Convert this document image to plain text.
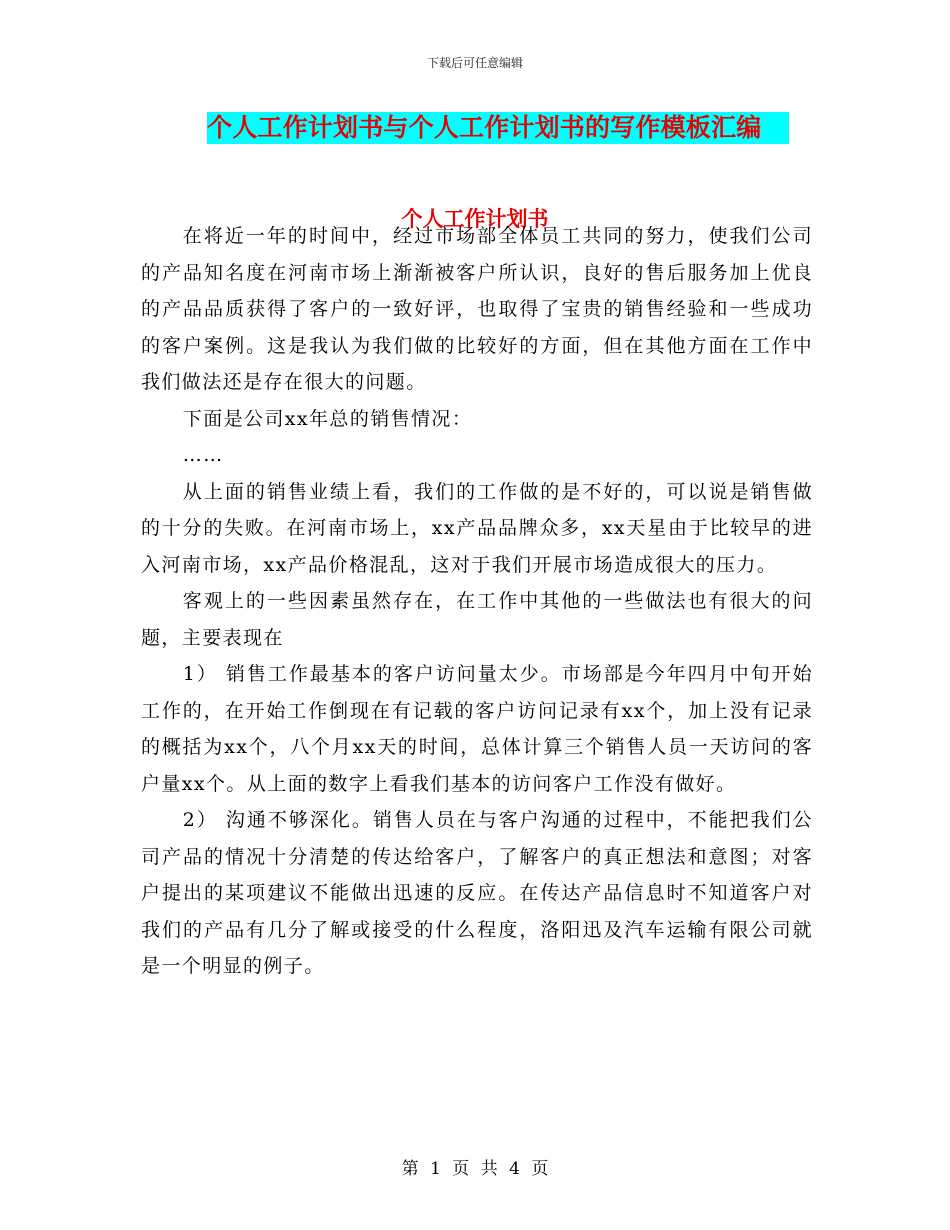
下载后可任意编辑
个人工作计划书与个人工作计划书的写作模板汇编
个人工作计划书

在将近一年的时间中，经过市场部全体员工共同的努力，使我们公司的产品知名度在河南市场上渐渐被客户所认识，良好的售后服务加上优良的产品品质获得了客户的一致好评，也取得了宝贵的销售经验和一些成功的客户案例。这是我认为我们做的比较好的方面，但在其他方面在工作中我们做法还是存在很大的问题。

下面是公司xx年总的销售情况：

……

从上面的销售业绩上看，我们的工作做的是不好的，可以说是销售做的十分的失败。在河南市场上，xx产品品牌众多，xx天星由于比较早的进入河南市场，xx产品价格混乱，这对于我们开展市场造成很大的压力。

客观上的一些因素虽然存在，在工作中其他的一些做法也有很大的问题，主要表现在

1） 销售工作最基本的客户访问量太少。市场部是今年四月中旬开始工作的，在开始工作倒现在有记载的客户访问记录有xx个，加上没有记录的概括为xx个，八个月xx天的时间，总体计算三个销售人员一天访问的客户量xx个。从上面的数字上看我们基本的访问客户工作没有做好。

2） 沟通不够深化。销售人员在与客户沟通的过程中，不能把我们公司产品的情况十分清楚的传达给客户，了解客户的真正想法和意图；对客户提出的某项建议不能做出迅速的反应。在传达产品信息时不知道客户对我们的产品有几分了解或接受的什么程度，洛阳迅及汽车运输有限公司就是一个明显的例子。

第 1 页 共 4 页
